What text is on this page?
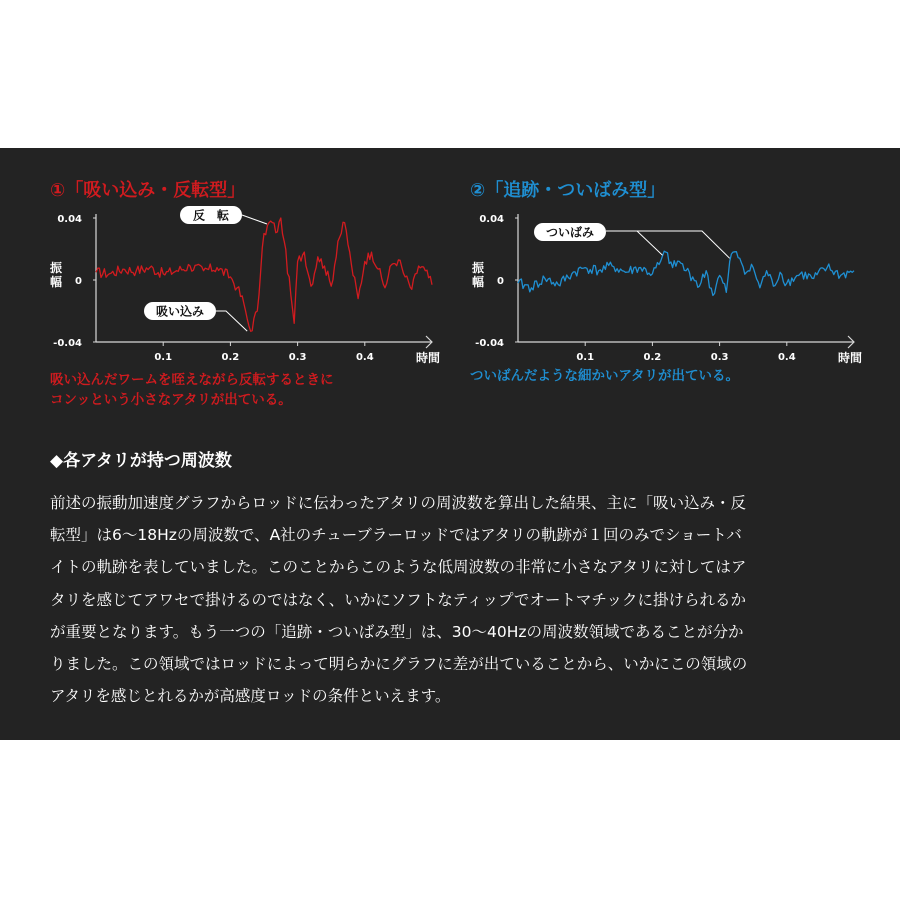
①「吸い込み・反転型」
0.04
0
-0.04
0.1	0.2	0.3	0.4
振幅
時間
反　転
吸い込み
吸い込んだワームを咥えながら反転するときに
コンッという小さなアタリが出ている。
②「追跡・ついばみ型」
0.04
0
-0.04
0.1	0.2	0.3	0.4
振幅
時間
ついばみ
ついばんだような細かいアタリが出ている。
◆各アタリが持つ周波数
前述の振動加速度グラフからロッドに伝わったアタリの周波数を算出した結果、主に「吸い込み・反
転型」は6～18Hzの周波数で、A社のチューブラーロッドではアタリの軌跡が１回のみでショートバ
イトの軌跡を表していました。このことからこのような低周波数の非常に小さなアタリに対してはア
タリを感じてアワセで掛けるのではなく、いかにソフトなティップでオートマチックに掛けられるか
が重要となります。もう一つの「追跡・ついばみ型」は、30～40Hzの周波数領域であることが分か
りました。この領域ではロッドによって明らかにグラフに差が出ていることから、いかにこの領域の
アタリを感じとれるかが高感度ロッドの条件といえます。
